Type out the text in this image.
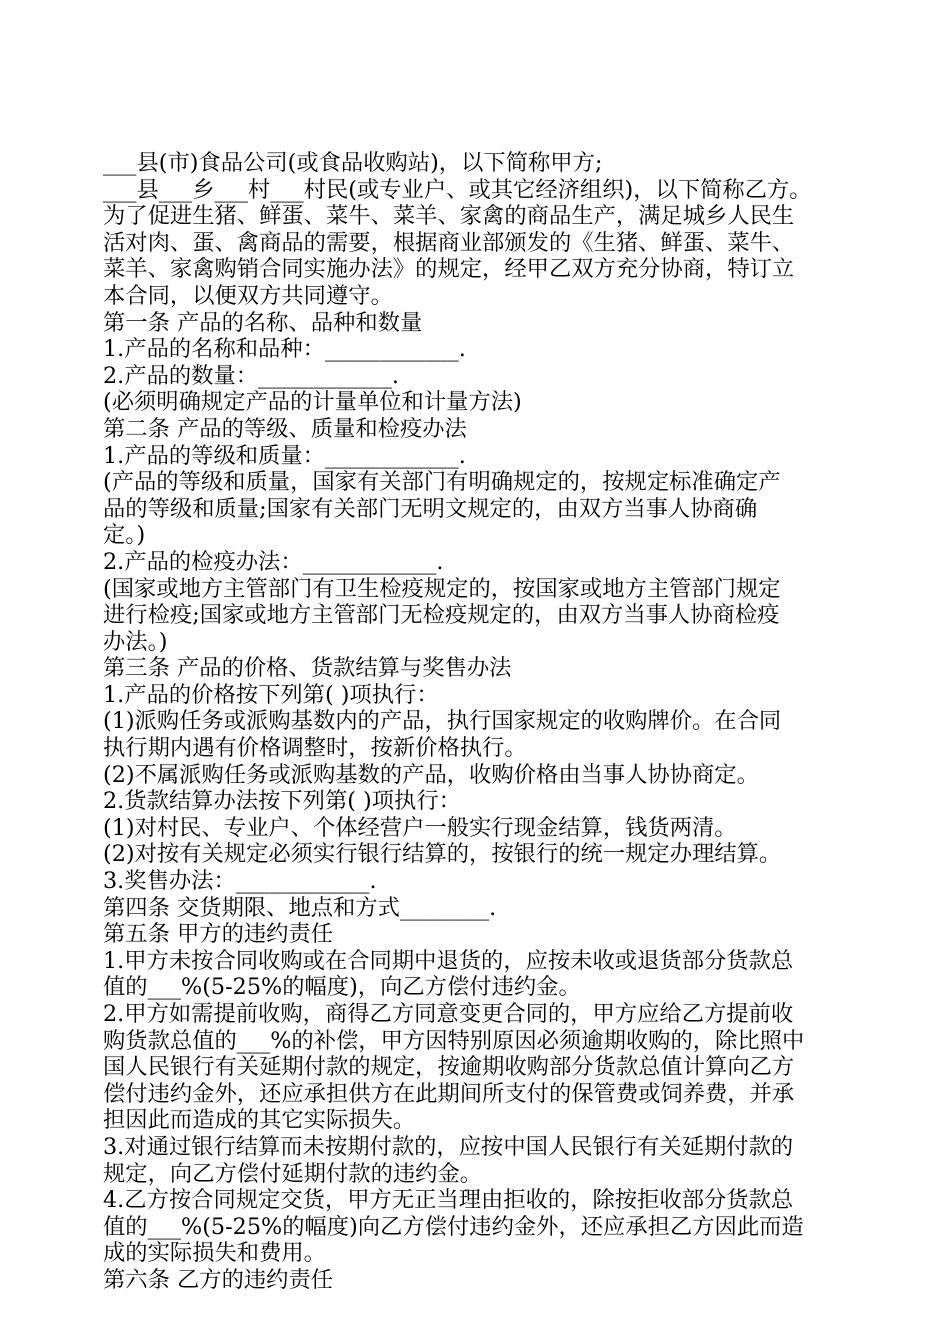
___县(市)食品公司(或食品收购站)，以下简称甲方;
___县___乡___村___村民(或专业户、或其它经济组织)，以下简称乙方。
为了促进生猪、鲜蛋、菜牛、菜羊、家禽的商品生产，满足城乡人民生
活对肉、蛋、禽商品的需要，根据商业部颁发的《生猪、鲜蛋、菜牛、
菜羊、家禽购销合同实施办法》的规定，经甲乙双方充分协商，特订立
本合同，以便双方共同遵守。
第一条 产品的名称、品种和数量
1.产品的名称和品种：____________.
2.产品的数量：____________.
(必须明确规定产品的计量单位和计量方法)
第二条 产品的等级、质量和检疫办法
1.产品的等级和质量：____________.
(产品的等级和质量，国家有关部门有明确规定的，按规定标准确定产
品的等级和质量;国家有关部门无明文规定的，由双方当事人协商确
定。)
2.产品的检疫办法：____________.
(国家或地方主管部门有卫生检疫规定的，按国家或地方主管部门规定
进行检疫;国家或地方主管部门无检疫规定的，由双方当事人协商检疫
办法。)
第三条 产品的价格、货款结算与奖售办法
1.产品的价格按下列第( )项执行：
(1)派购任务或派购基数内的产品，执行国家规定的收购牌价。在合同
执行期内遇有价格调整时，按新价格执行。
(2)不属派购任务或派购基数的产品，收购价格由当事人协协商定。
2.货款结算办法按下列第( )项执行：
(1)对村民、专业户、个体经营户一般实行现金结算，钱货两清。
(2)对按有关规定必须实行银行结算的，按银行的统一规定办理结算。
3.奖售办法：____________.
第四条 交货期限、地点和方式________.
第五条 甲方的违约责任
1.甲方未按合同收购或在合同期中退货的，应按未收或退货部分货款总
值的___%(5-25%的幅度)，向乙方偿付违约金。
2.甲方如需提前收购，商得乙方同意变更合同的，甲方应给乙方提前收
购货款总值的___%的补偿，甲方因特别原因必须逾期收购的，除比照中
国人民银行有关延期付款的规定，按逾期收购部分货款总值计算向乙方
偿付违约金外，还应承担供方在此期间所支付的保管费或饲养费，并承
担因此而造成的其它实际损失。
3.对通过银行结算而未按期付款的，应按中国人民银行有关延期付款的
规定，向乙方偿付延期付款的违约金。
4.乙方按合同规定交货，甲方无正当理由拒收的，除按拒收部分货款总
值的___%(5-25%的幅度)向乙方偿付违约金外，还应承担乙方因此而造
成的实际损失和费用。
第六条 乙方的违约责任
